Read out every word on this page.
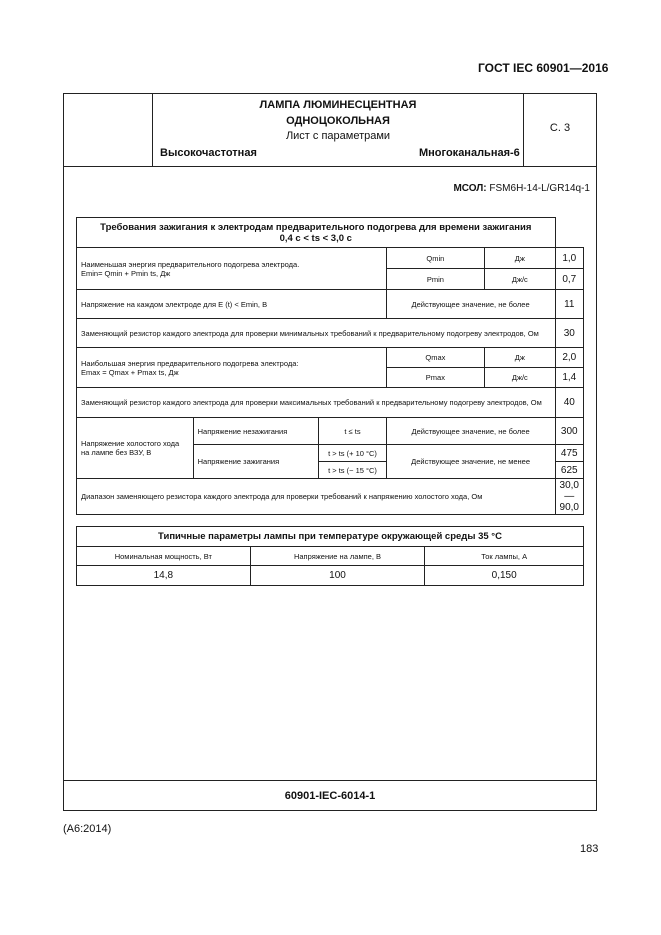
ГОСТ IEC 60901—2016
ЛАМПА ЛЮМИНЕСЦЕНТНАЯ
ОДНОЦОКОЛЬНАЯ
Лист с параметрами
Высокочастотная	Многоканальная-6
С. 3
МСОЛ: FSM6H-14-L/GR14q-1
Требования зажигания к электродам предварительного подогрева для времени зажигания
0,4 с < ts < 3,0 с					

Наименьшая энергия предварительного подогрева электрода.
Emin= Qmin + Pmin ts, Дж			Qmin	Дж	1,0
			Pmin	Дж/с	0,7
Напряжение на каждом электроде для E (t) < Emin, В			Действующее значение, не более		11
Заменяющий резистор каждого электрода для проверки минимальных требований к предварительному подогреву электродов, Ом					30

Наибольшая энергия предварительного подогрева электрода:
Emax = Qmax + Pmax ts, Дж			Qmax	Дж	2,0
			Pmax	Дж/с	1,4
Заменяющий резистор каждого электрода для проверки максимальных требований к предварительному подогреву электродов, Ом					40
Напряжение холостого хода на лампе без ВЗУ, В	Напряжение незажигания	t ≤ ts	Действующее значение, не более		300
	Напряжение зажигания	t > ts (+ 10 °С)	Действующее значение, не менее		475
		t > ts (− 15 °С)			625
Диапазон заменяющего резистора каждого электрода для проверки требований к напряжению холостого хода, Ом					30,0—90,0
Типичные параметры лампы при температуре окружающей среды 35 °С		
Номинальная мощность, Вт	Напряжение на лампе, В	Ток лампы, А
14,8	100	0,150
60901-IEC-6014-1
(A6:2014)
183
